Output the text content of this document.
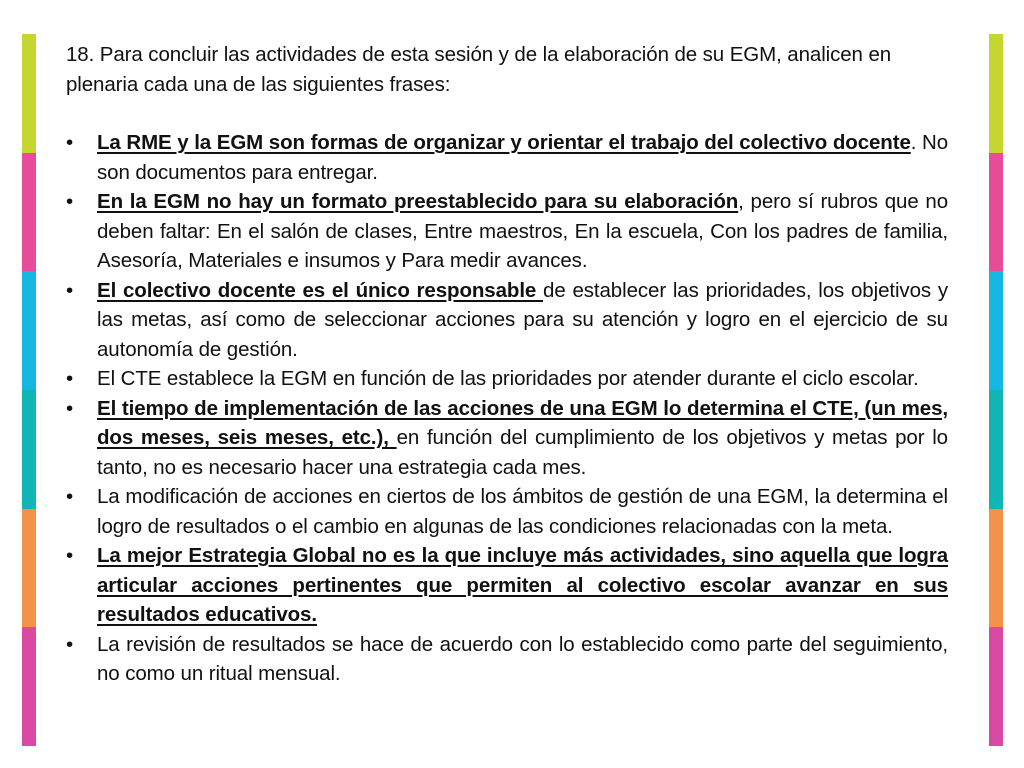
18. Para concluir las actividades de esta sesión y de la elaboración de su EGM, analicen en plenaria cada una de las siguientes frases:

•	La RME y la EGM son formas de organizar y orientar el trabajo del colectivo docente. No son documentos para entregar.
•	En la EGM no hay un formato preestablecido para su elaboración, pero sí rubros que no deben faltar: En el salón de clases, Entre maestros, En la escuela, Con los padres de familia, Asesoría, Materiales e insumos y Para medir avances.
•	El colectivo docente es el único responsable de establecer las prioridades, los objetivos y las metas, así como de seleccionar acciones para su atención y logro en el ejercicio de su autonomía de gestión.
•	El CTE establece la EGM en función de las prioridades por atender durante el ciclo escolar.
•	El tiempo de implementación de las acciones de una EGM lo determina el CTE, (un mes, dos meses, seis meses, etc.), en función del cumplimiento de los objetivos y metas por lo tanto, no es necesario hacer una estrategia cada mes.
•	La modificación de acciones en ciertos de los ámbitos de gestión de una EGM, la determina el logro de resultados o el cambio en algunas de las condiciones relacionadas con la meta.
•	La mejor Estrategia Global no es la que incluye más actividades, sino aquella que logra articular acciones pertinentes que permiten al colectivo escolar avanzar en sus resultados educativos.
•	La revisión de resultados se hace de acuerdo con lo establecido como parte del seguimiento, no como un ritual mensual.
